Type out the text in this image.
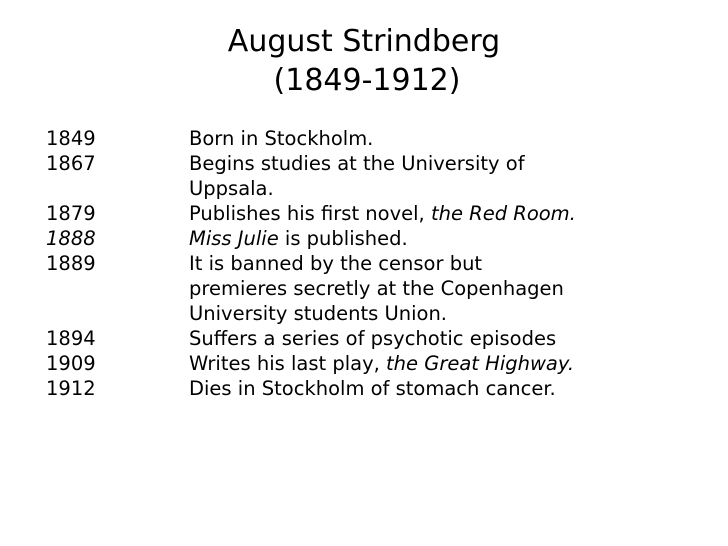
August Strindberg
(1849-1912)
1849	Born in Stockholm.
1867	Begins studies at the University of
Uppsala.
1879	Publishes his first novel, the Red Room.
1888	Miss Julie is published.
1889	It is banned by the censor but
premieres secretly at the Copenhagen
University students Union.
1894	Suffers a series of psychotic episodes
1909	Writes his last play, the Great Highway.
1912	Dies in Stockholm of stomach cancer.
